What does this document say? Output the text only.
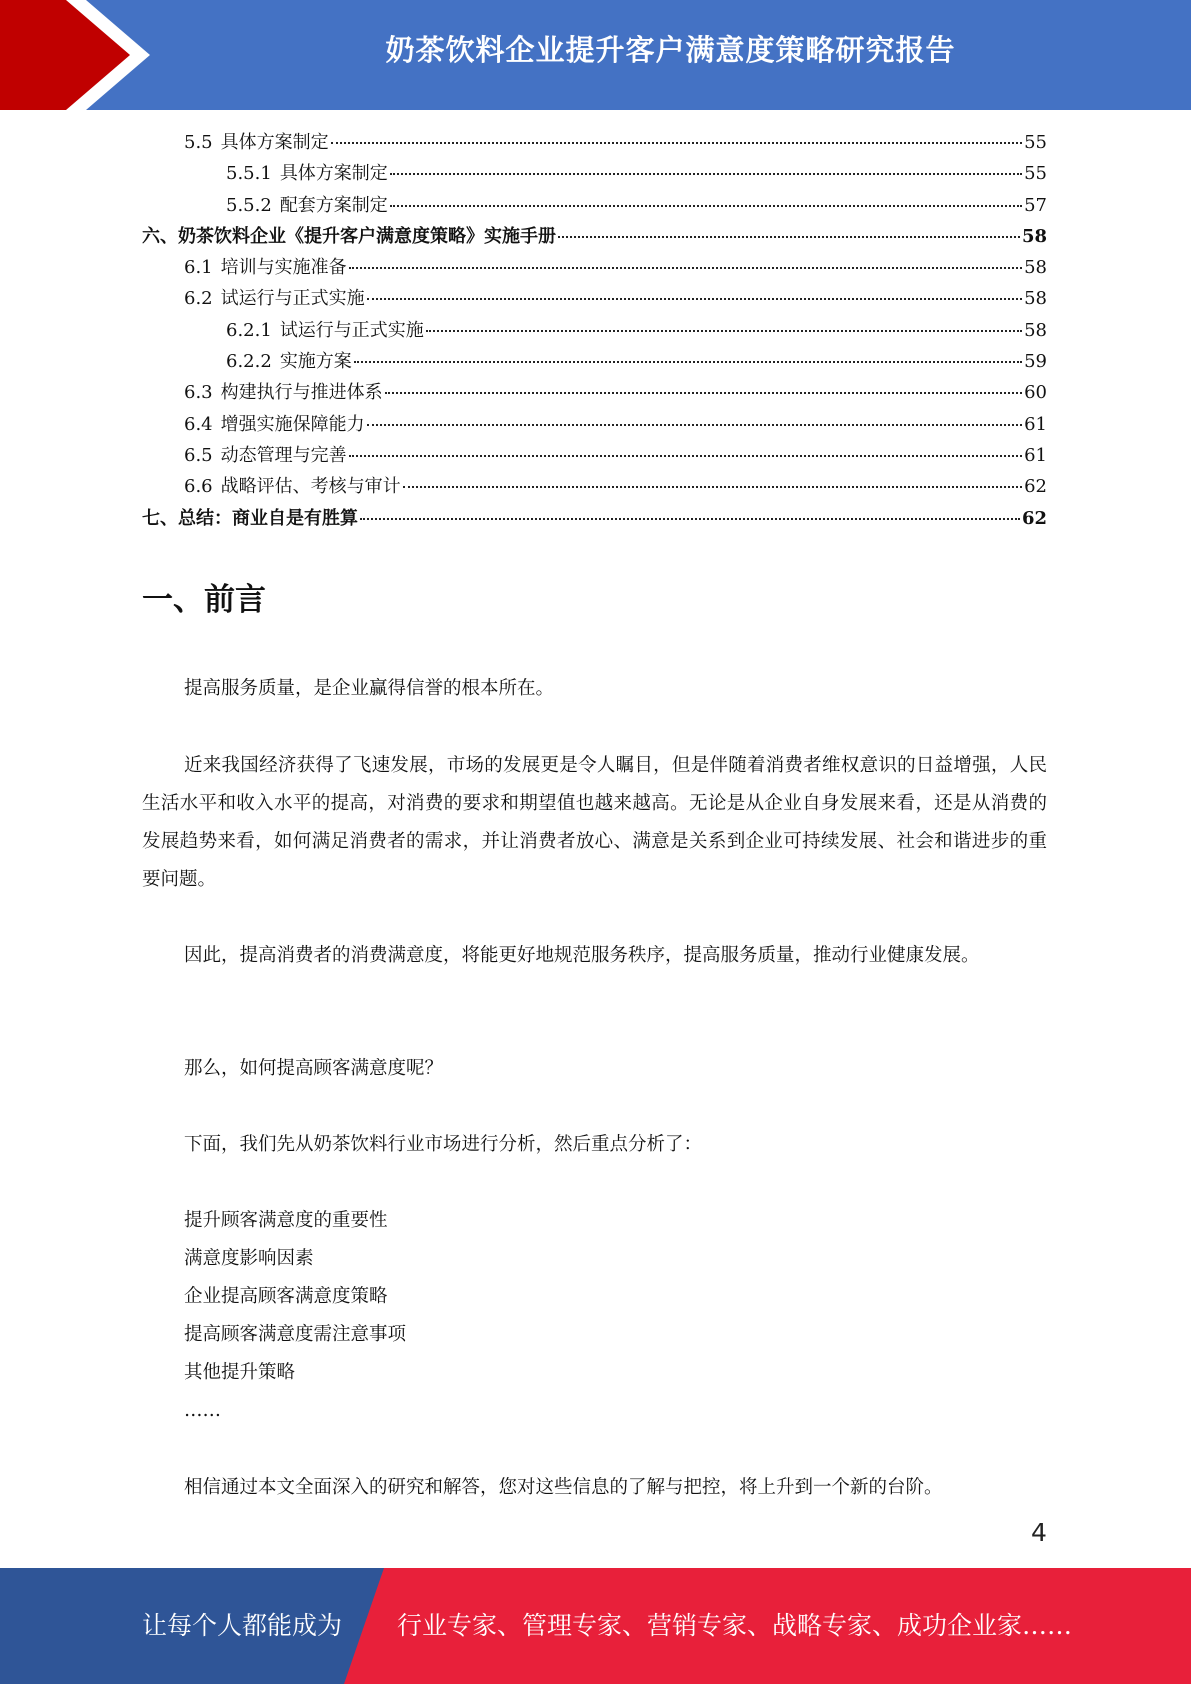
奶茶饮料企业提升客户满意度策略研究报告
5.5 具体方案制定	55
5.5.1 具体方案制定	55
5.5.2 配套方案制定	57
六、奶茶饮料企业《提升客户满意度策略》实施手册	58
6.1 培训与实施准备	58
6.2 试运行与正式实施	58
6.2.1 试运行与正式实施	58
6.2.2 实施方案	59
6.3 构建执行与推进体系	60
6.4 增强实施保障能力	61
6.5 动态管理与完善	61
6.6 战略评估、考核与审计	62
七、总结：商业自是有胜算	62
一、前言
提高服务质量，是企业赢得信誉的根本所在。
近来我国经济获得了飞速发展，市场的发展更是令人瞩目，但是伴随着消费者维权意识的日益增强，人民生活水平和收入水平的提高，对消费的要求和期望值也越来越高。无论是从企业自身发展来看，还是从消费的发展趋势来看，如何满足消费者的需求，并让消费者放心、满意是关系到企业可持续发展、社会和谐进步的重要问题。
因此，提高消费者的消费满意度，将能更好地规范服务秩序，提高服务质量，推动行业健康发展。
那么，如何提高顾客满意度呢？
下面，我们先从奶茶饮料行业市场进行分析，然后重点分析了：
提升顾客满意度的重要性
满意度影响因素
企业提高顾客满意度策略
提高顾客满意度需注意事项
其他提升策略
……
相信通过本文全面深入的研究和解答，您对这些信息的了解与把控，将上升到一个新的台阶。
4
让每个人都能成为 行业专家、管理专家、营销专家、战略专家、成功企业家……
